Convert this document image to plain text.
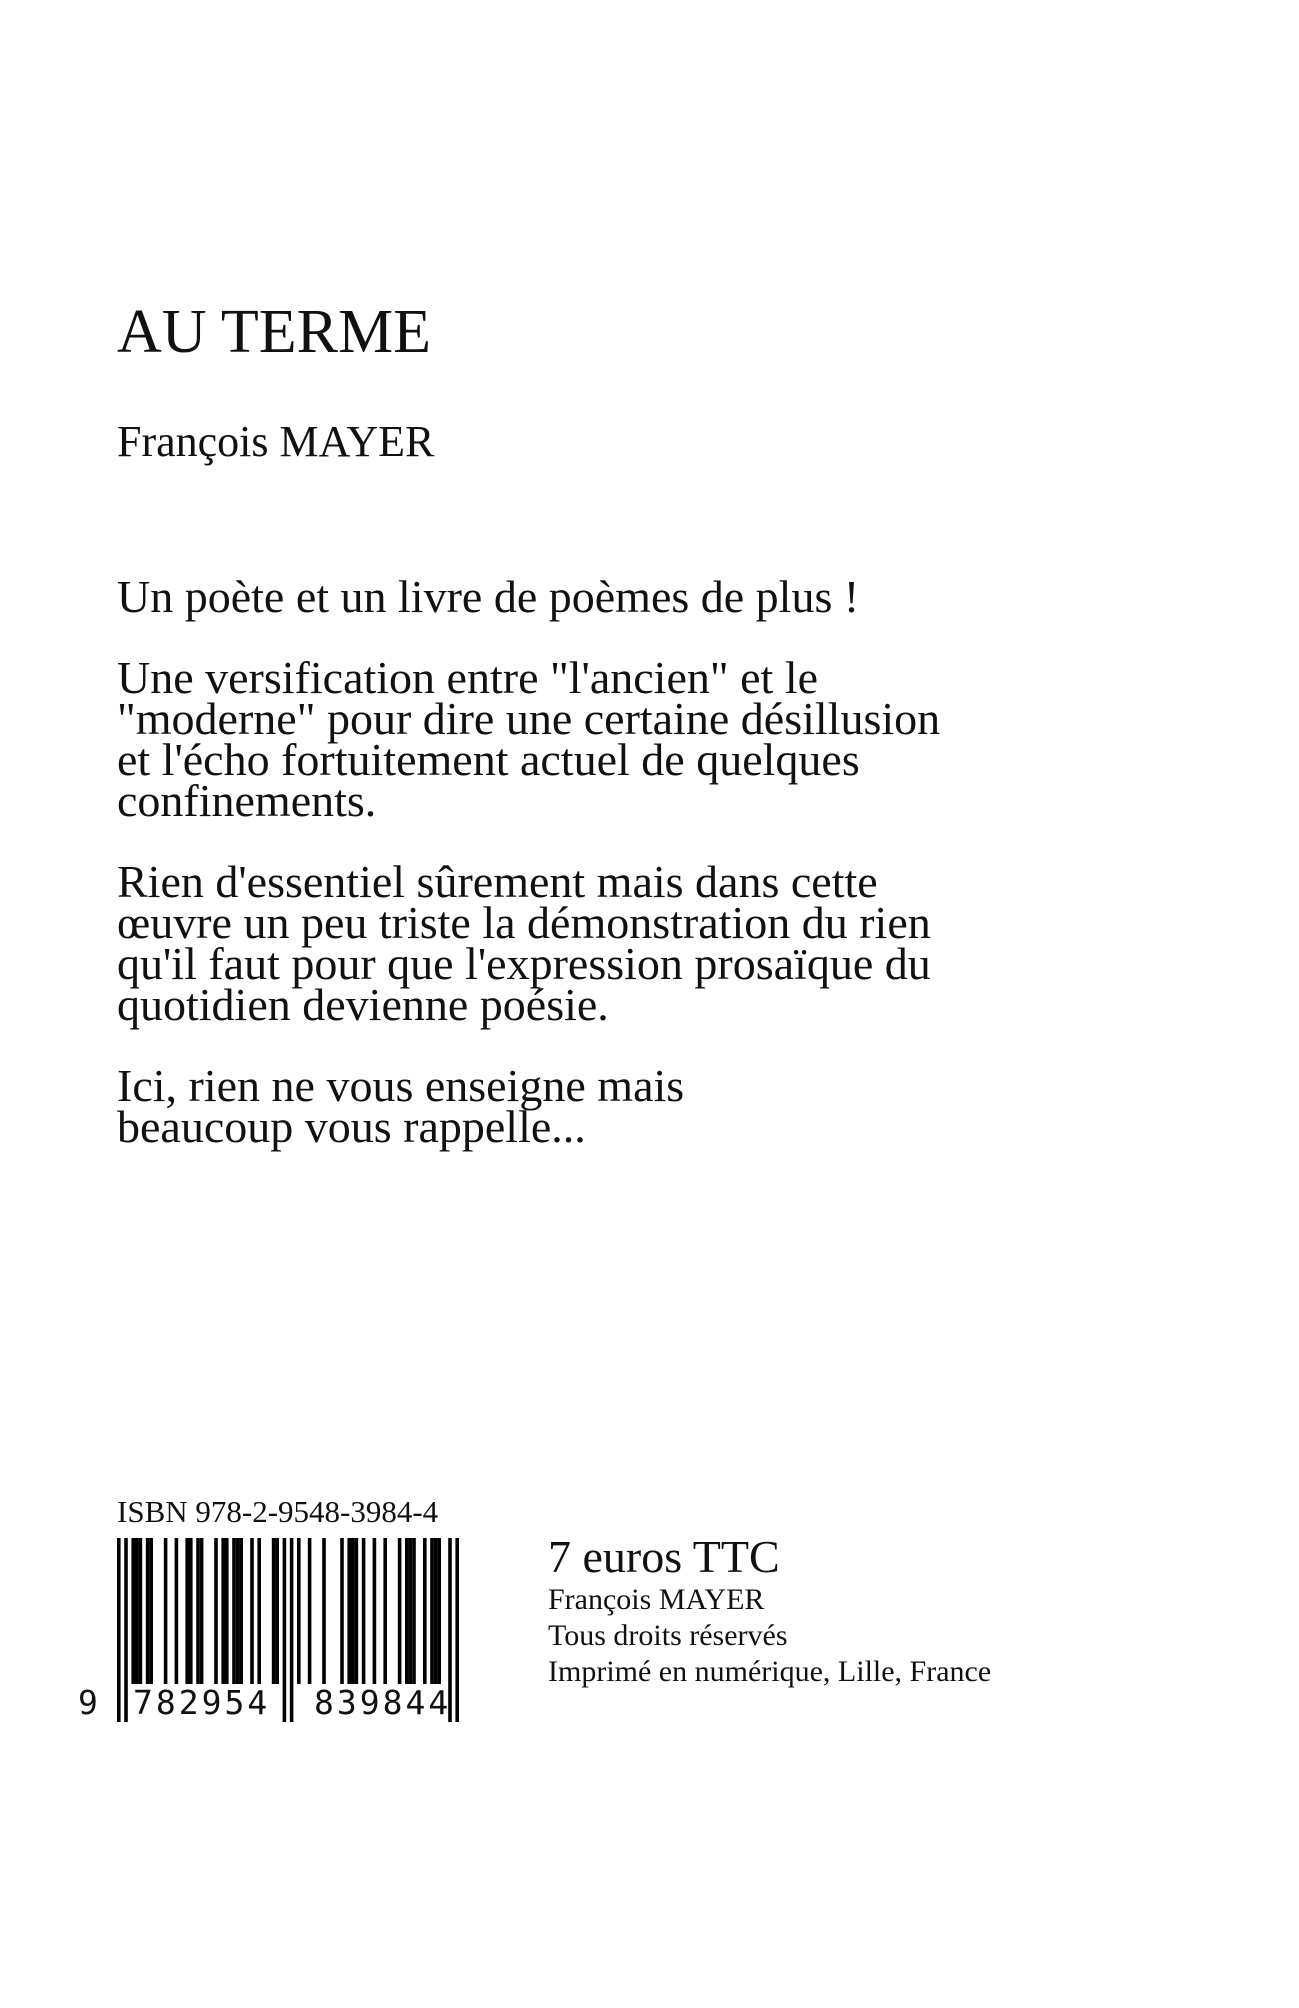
AU TERME

François MAYER

Un poète et un livre de poèmes de plus !

Une versification entre "l'ancien" et le "moderne" pour dire une certaine désillusion et l'écho fortuitement actuel de quelques confinements.

Rien d'essentiel sûrement mais dans cette œuvre un peu triste la démonstration du rien qu'il faut pour que l'expression prosaïque du quotidien devienne poésie.

Ici, rien ne vous enseigne mais beaucoup vous rappelle...

ISBN 978-2-9548-3984-4

9 782954 839844

7 euros TTC

François MAYER

Tous droits réservés

Imprimé en numérique, Lille, France
